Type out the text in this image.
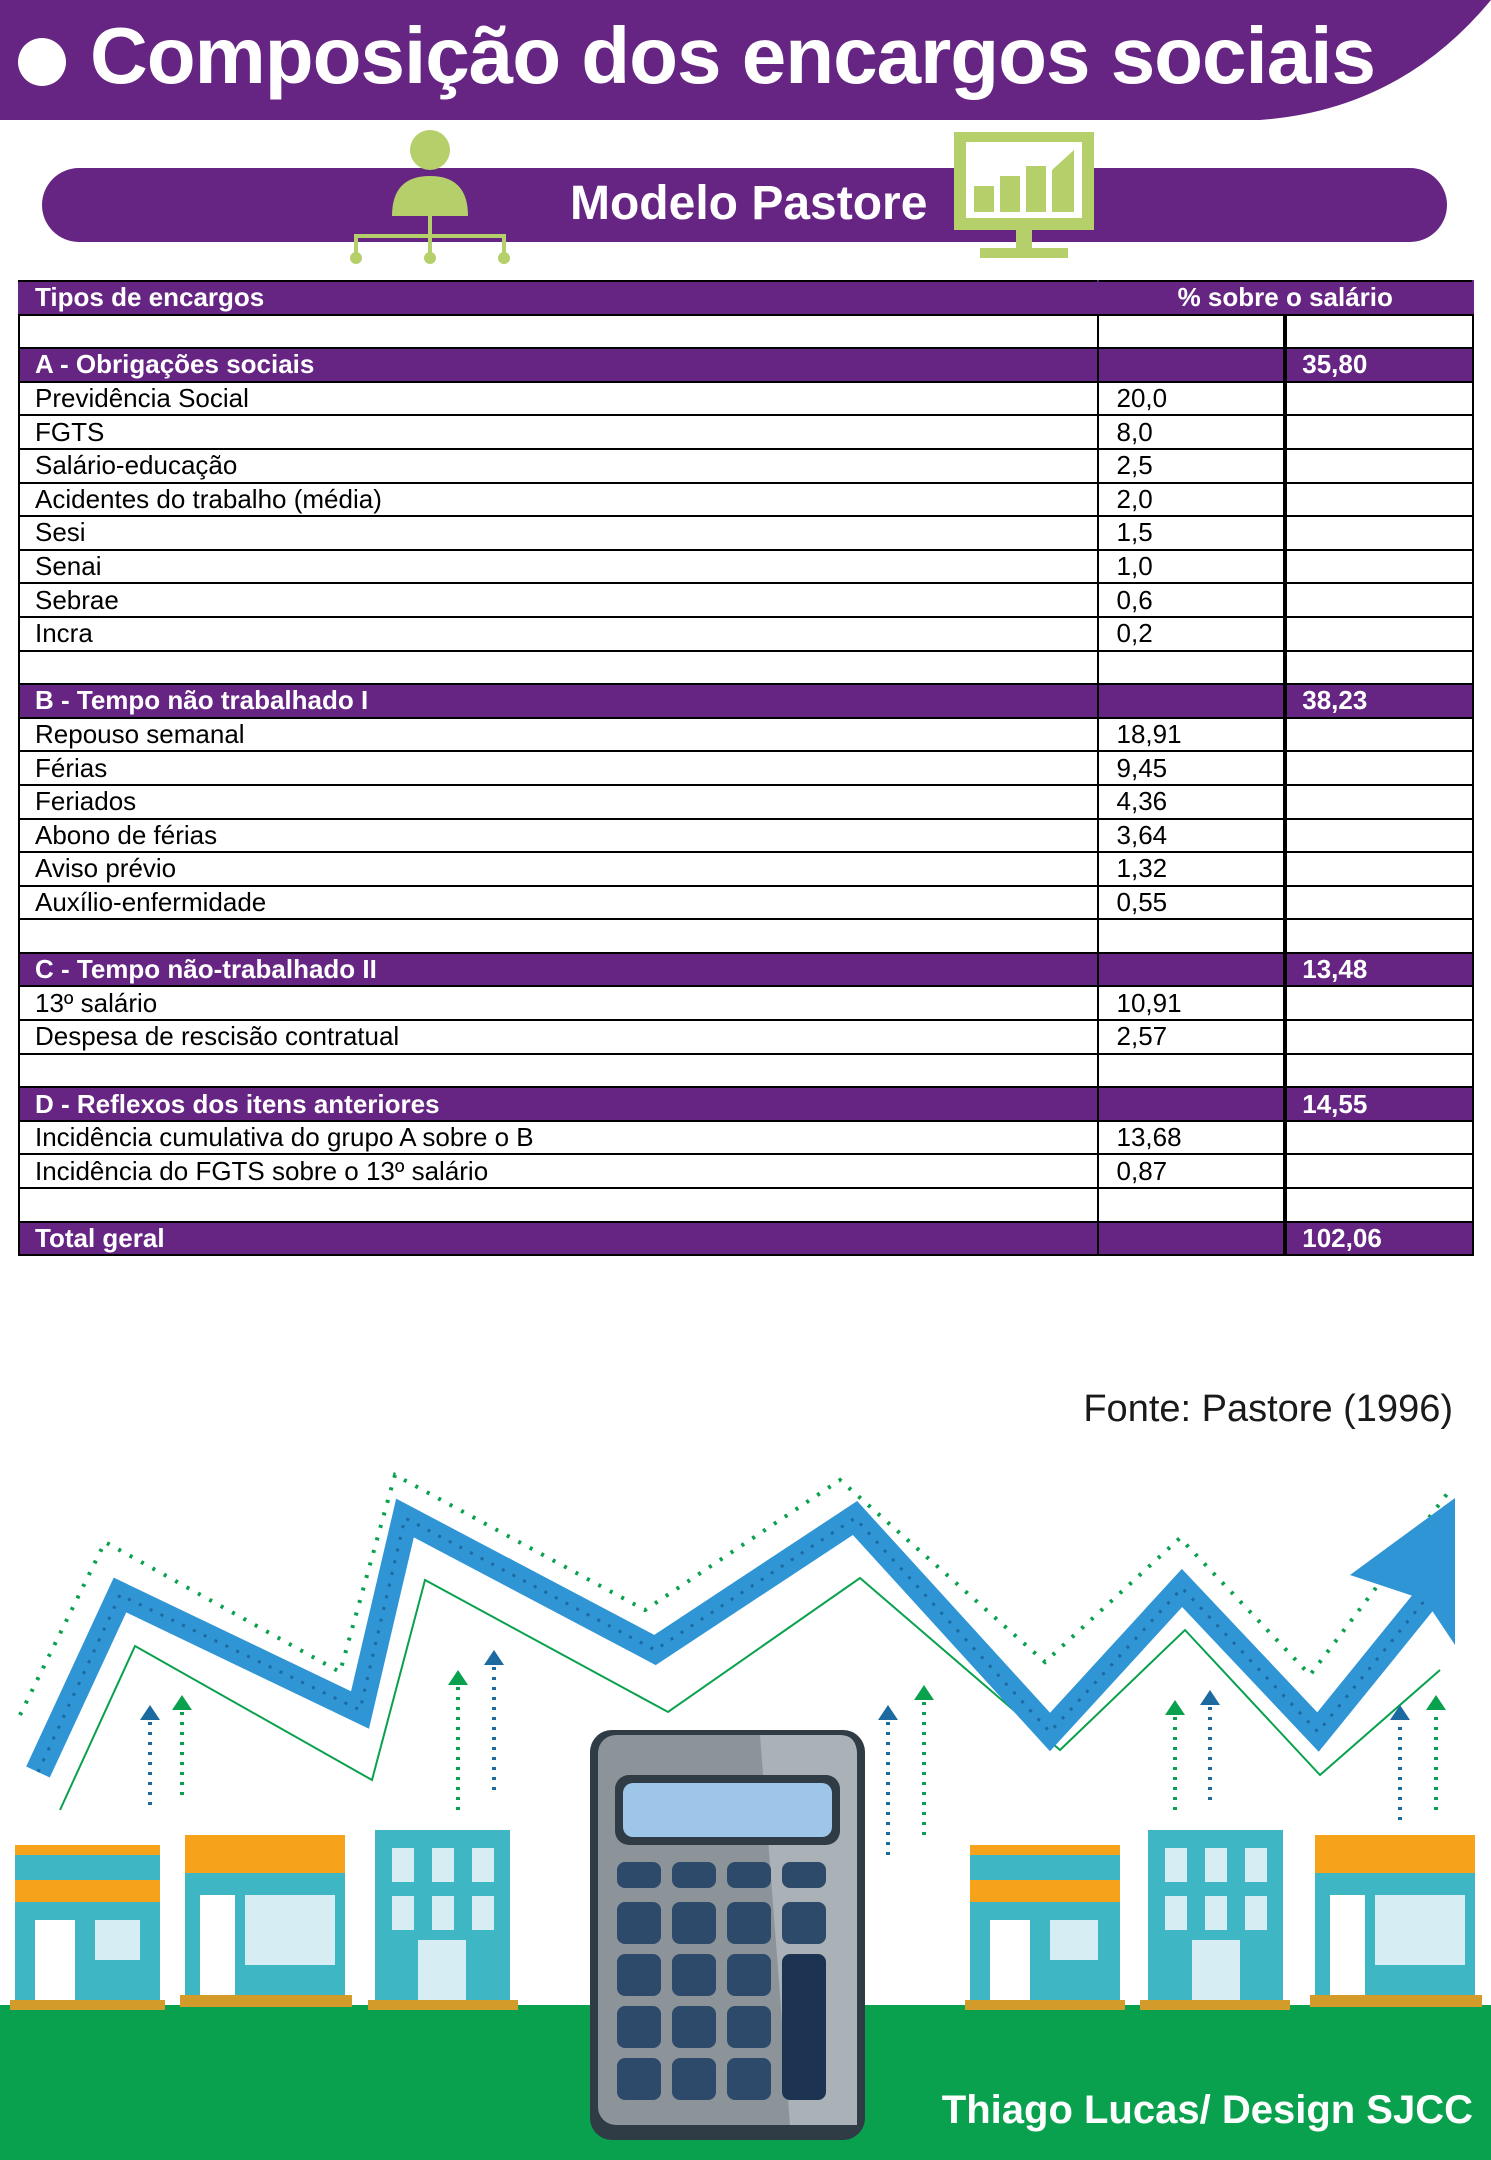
Composição dos encargos sociais
Modelo Pastore
Tipos de encargos	% sobre o salário	

A - Obrigações sociais		35,80
Previdência Social	20,0	
FGTS	8,0	
Salário-educação	2,5	
Acidentes do trabalho (média)	2,0	
Sesi	1,5	
Senai	1,0	
Sebrae	0,6	
Incra	0,2	

B - Tempo não trabalhado I		38,23
Repouso semanal	18,91	
Férias	9,45	
Feriados	4,36	
Abono de férias	3,64	
Aviso prévio	1,32	
Auxílio-enfermidade	0,55	

C - Tempo não-trabalhado II		13,48
13º salário	10,91	
Despesa de rescisão contratual	2,57	

D - Reflexos dos itens anteriores		14,55
Incidência cumulativa do grupo A sobre o B	13,68	
Incidência do FGTS sobre o 13º salário	0,87	

Total geral		102,06
Fonte: Pastore (1996)
Thiago Lucas/ Design SJCC
